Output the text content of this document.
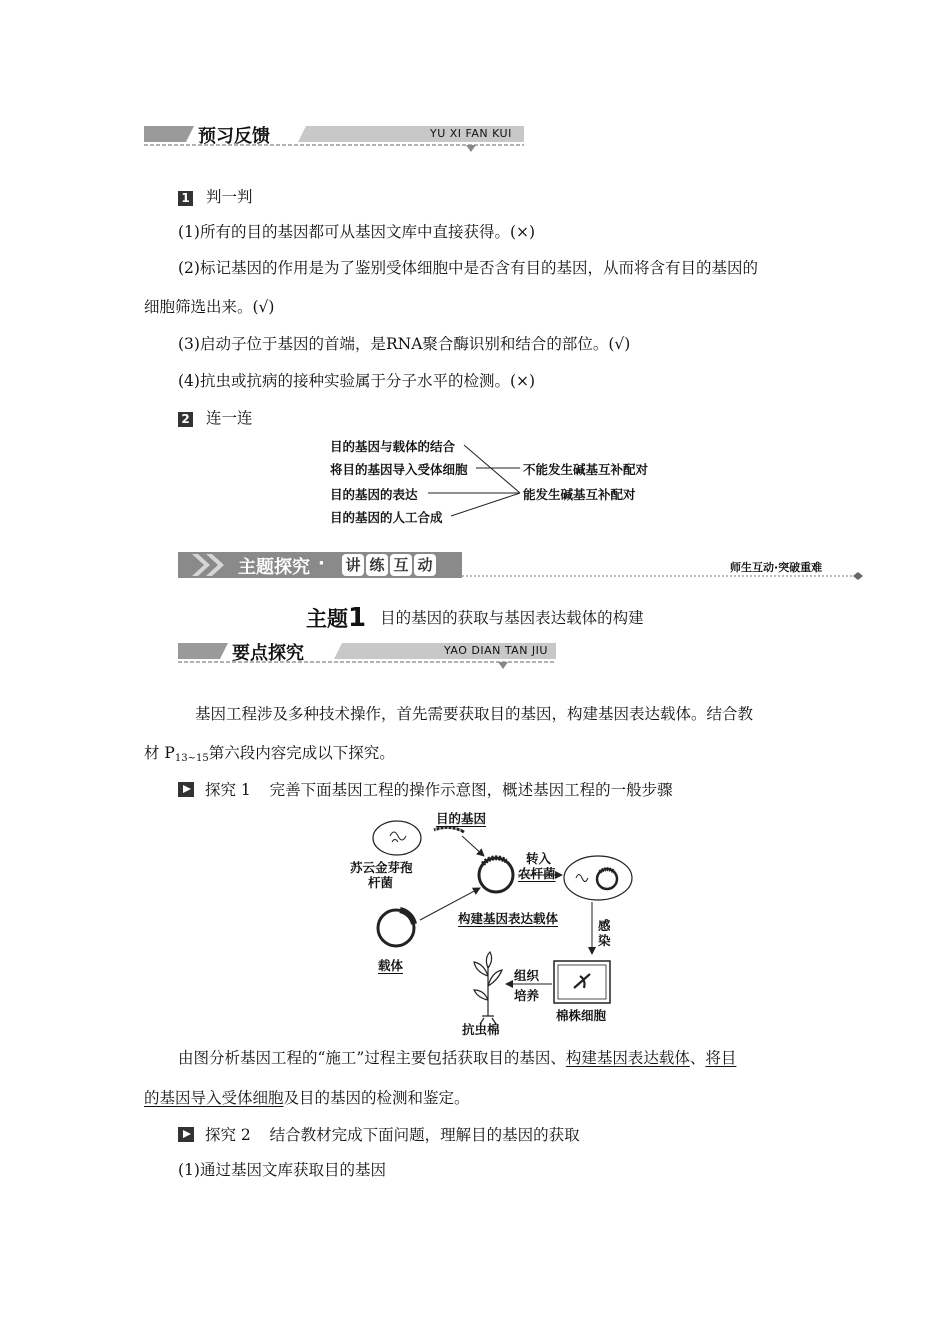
预习反馈	YU XI FAN KUI
1 判一判
(1)所有的目的基因都可从基因文库中直接获得。(×)
(2)标记基因的作用是为了鉴别受体细胞中是否含有目的基因，从而将含有目的基因的
细胞筛选出来。(√)
(3)启动子位于基因的首端，是RNA聚合酶识别和结合的部位。(√)
(4)抗虫或抗病的接种实验属于分子水平的检测。(×)
2 连一连
目的基因与载体的结合
将目的基因导入受体细胞
目的基因的表达
目的基因的人工合成
不能发生碱基互补配对
能发生碱基互补配对
主题探究 · 讲 练 互 动	师生互动·突破重难
主题1 目的基因的获取与基因表达载体的构建
要点探究	YAO DIAN TAN JIU
基因工程涉及多种技术操作，首先需要获取目的基因，构建基因表达载体。结合教
材 P13~15第六段内容完成以下探究。
探究 1 完善下面基因工程的操作示意图，概述基因工程的一般步骤
目的基因
苏云金芽孢
杆菌
转入
农杆菌
构建基因表达载体
载体
感
染
棉株细胞
组织
培养
抗虫棉
由图分析基因工程的“施工”过程主要包括获取目的基因、构建基因表达载体、将目
的基因导入受体细胞及目的基因的检测和鉴定。
探究 2 结合教材完成下面问题，理解目的基因的获取
(1)通过基因文库获取目的基因
